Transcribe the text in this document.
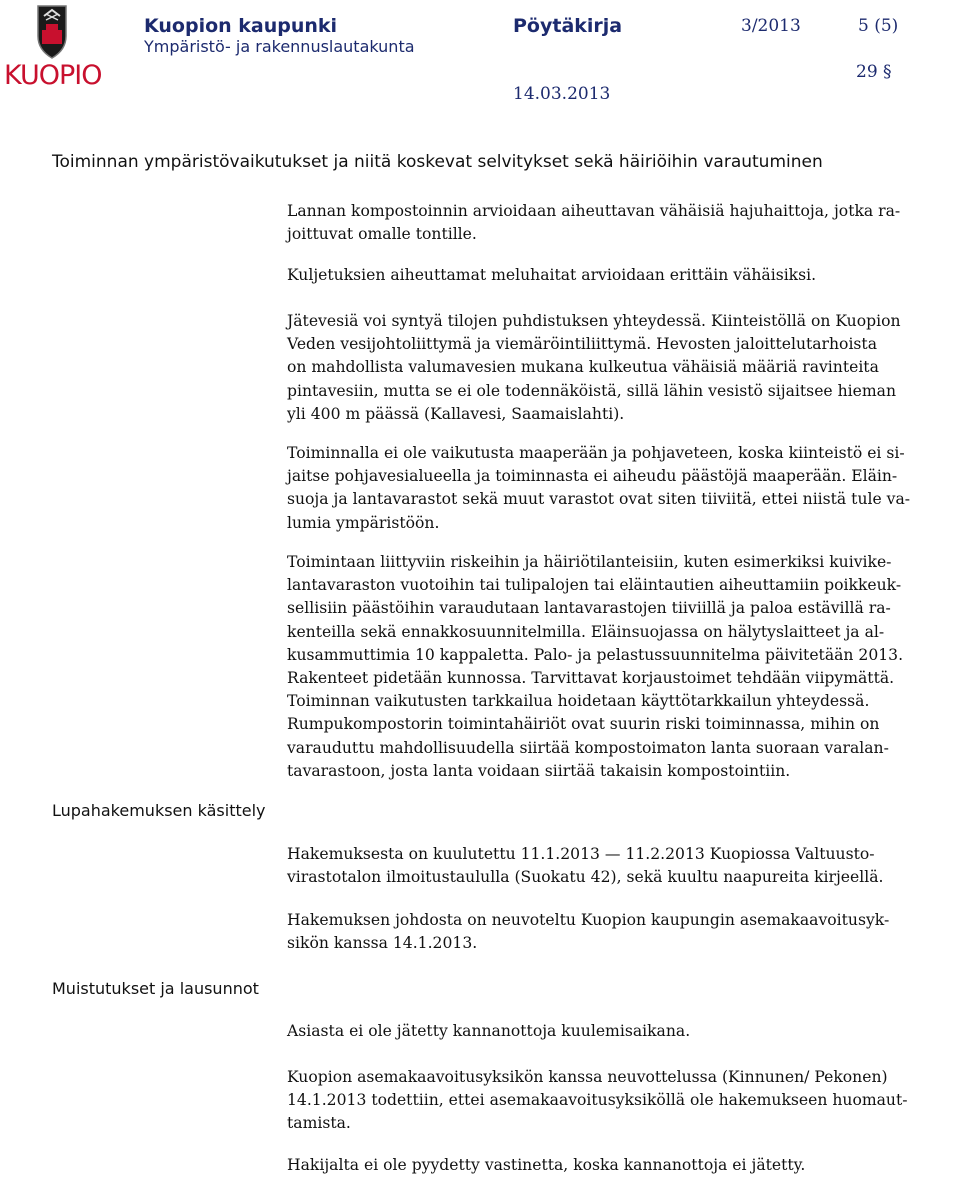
KUOPIO
Kuopion kaupunki
Ympäristö- ja rakennuslautakunta
Pöytäkirja	3/2013	5 (5)
29 §
14.03.2013
Toiminnan ympäristövaikutukset ja niitä koskevat selvitykset sekä häiriöihin varautuminen
Lupahakemuksen käsittely
Muistutukset ja lausunnot
Lannan kompostoinnin arvioidaan aiheuttavan vähäisiä hajuhaittoja, jotka ra-
joittuvat omalle tontille.
Kuljetuksien aiheuttamat meluhaitat arvioidaan erittäin vähäisiksi.
Jätevesiä voi syntyä tilojen puhdistuksen yhteydessä. Kiinteistöllä on Kuopion
Veden vesijohtoliittymä ja viemäröintiliittymä. Hevosten jaloittelutarhoista
on mahdollista valumavesien mukana kulkeutua vähäisiä määriä ravinteita
pintavesiin, mutta se ei ole todennäköistä, sillä lähin vesistö sijaitsee hieman
yli 400 m päässä (Kallavesi, Saamaislahti).
Toiminnalla ei ole vaikutusta maaperään ja pohjaveteen, koska kiinteistö ei si-
jaitse pohjavesialueella ja toiminnasta ei aiheudu päästöjä maaperään. Eläin-
suoja ja lantavarastot sekä muut varastot ovat siten tiiviitä, ettei niistä tule va-
lumia ympäristöön.
Toimintaan liittyviin riskeihin ja häiriötilanteisiin, kuten esimerkiksi kuivike-
lantavaraston vuotoihin tai tulipalojen tai eläintautien aiheuttamiin poikkeuk-
sellisiin päästöihin varaudutaan lantavarastojen tiiviillä ja paloa estävillä ra-
kenteilla sekä ennakkosuunnitelmilla. Eläinsuojassa on hälytyslaitteet ja al-
kusammuttimia 10 kappaletta. Palo- ja pelastussuunnitelma päivitetään 2013.
Rakenteet pidetään kunnossa. Tarvittavat korjaustoimet tehdään viipymättä.
Toiminnan vaikutusten tarkkailua hoidetaan käyttötarkkailun yhteydessä.
Rumpukompostorin toimintahäiriöt ovat suurin riski toiminnassa, mihin on
varauduttu mahdollisuudella siirtää kompostoimaton lanta suoraan varalan-
tavarastoon, josta lanta voidaan siirtää takaisin kompostointiin.
Hakemuksesta on kuulutettu 11.1.2013 — 11.2.2013 Kuopiossa Valtuusto-
virastotalon ilmoitustaululla (Suokatu 42), sekä kuultu naapureita kirjeellä.
Hakemuksen johdosta on neuvoteltu Kuopion kaupungin asemakaavoitusyk-
sikön kanssa 14.1.2013.
Asiasta ei ole jätetty kannanottoja kuulemisaikana.
Kuopion asemakaavoitusyksikön kanssa neuvottelussa (Kinnunen/ Pekonen)
14.1.2013 todettiin, ettei asemakaavoitusyksiköllä ole hakemukseen huomaut-
tamista.
Hakijalta ei ole pyydetty vastinetta, koska kannanottoja ei jätetty.
